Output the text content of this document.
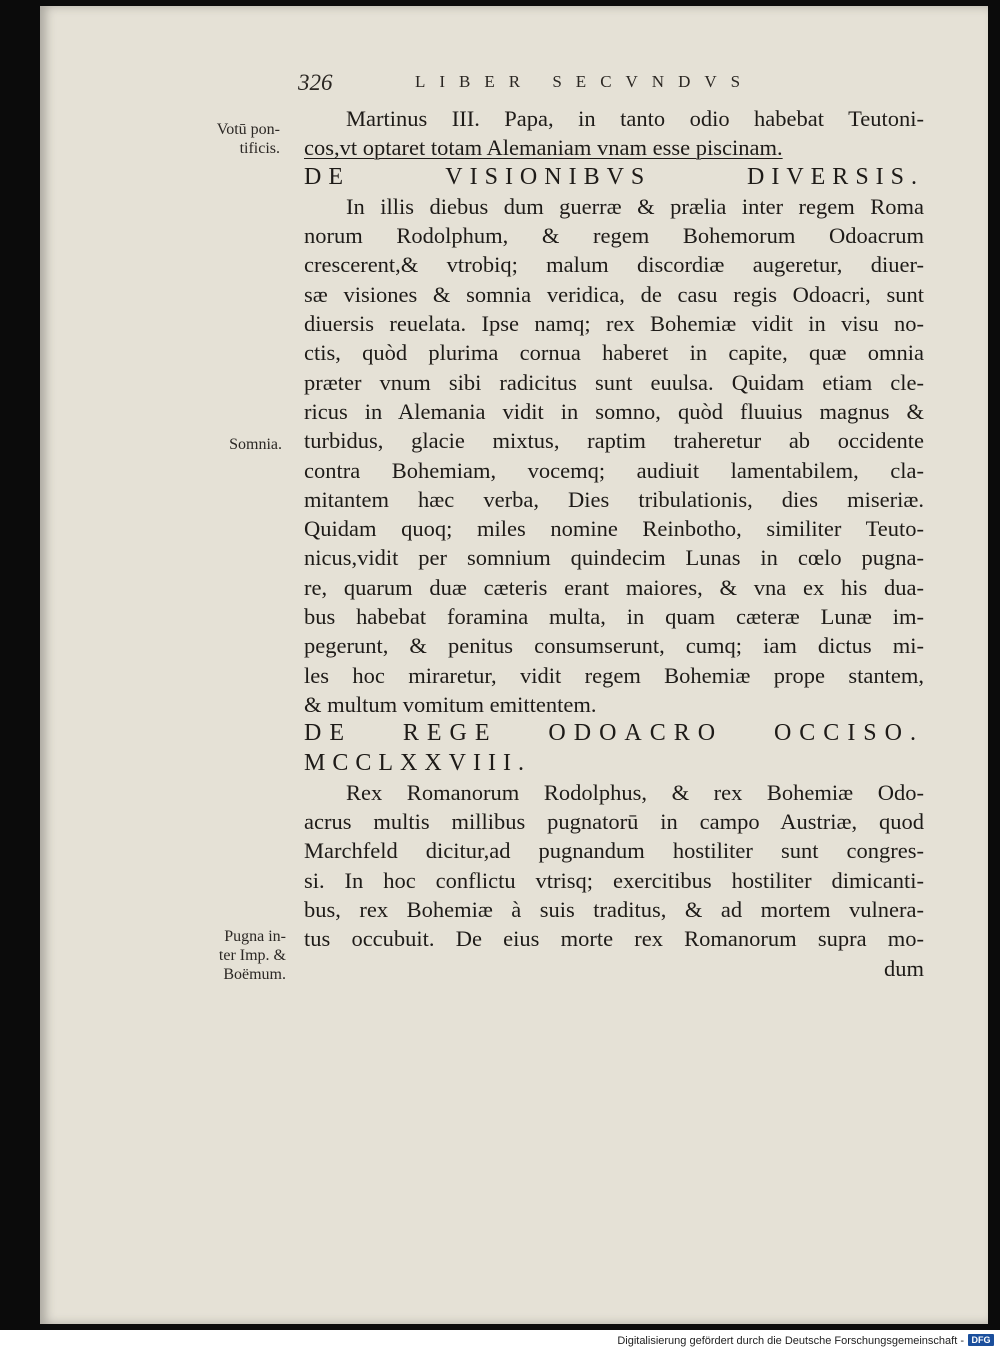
326	LIBER SECVNDVS
Votū pon-
tificis.
Somnia.
Pugna in-
ter Imp. &
Boëmum.

Martinus III. Papa, in tanto odio habebat Teutoni-

cos,vt optaret totam Alemaniam vnam esse piscinam.

DE VISIONIBVS DIVERSIS.

In illis diebus dum guerræ & prælia inter regem Roma

norum Rodolphum, & regem Bohemorum Odoacrum

crescerent,& vtrobiq; malum discordiæ augeretur, diuer-

sæ visiones & somnia veridica, de casu regis Odoacri, sunt

diuersis reuelata. Ipse namq; rex Bohemiæ vidit in visu no-

ctis, quòd plurima cornua haberet in capite, quæ omnia

præter vnum sibi radicitus sunt euulsa. Quidam etiam cle-

ricus in Alemania vidit in somno, quòd fluuius magnus &

turbidus, glacie mixtus, raptim traheretur ab occidente

contra Bohemiam, vocemq; audiuit lamentabilem, cla-

mitantem hæc verba, Dies tribulationis, dies miseriæ.

Quidam quoq; miles nomine Reinbotho, similiter Teuto-

nicus,vidit per somnium quindecim Lunas in cœlo pugna-

re, quarum duæ cæteris erant maiores, & vna ex his dua-

bus habebat foramina multa, in quam cæteræ Lunæ im-

pegerunt, & penitus consumserunt, cumq; iam dictus mi-

les hoc miraretur, vidit regem Bohemiæ prope stantem,

& multum vomitum emittentem.

DE REGE ODOACRO OCCISO.

MCCLXXVIII.

Rex Romanorum Rodolphus, & rex Bohemiæ Odo-

acrus multis millibus pugnatorū in campo Austriæ, quod

Marchfeld dicitur,ad pugnandum hostiliter sunt congres-

si. In hoc conflictu vtrisq; exercitibus hostiliter dimicanti-

bus, rex Bohemiæ à suis traditus, & ad mortem vulnera-

tus occubuit. De eius morte rex Romanorum supra mo-

dum

Digitalisierung gefördert durch die Deutsche Forschungsgemeinschaft - DFG
